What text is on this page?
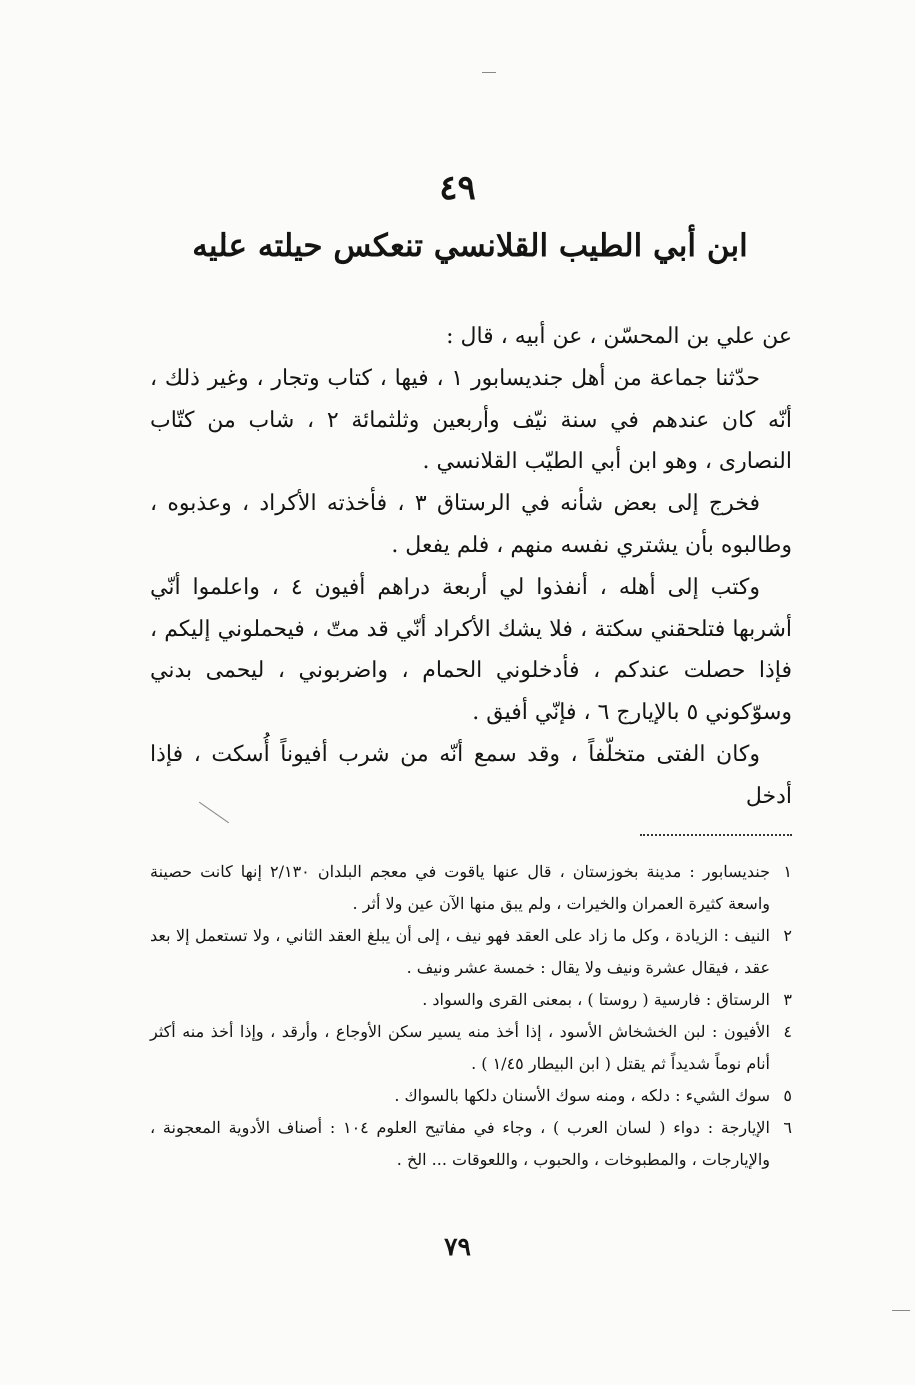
٤٩
ابن أبي الطيب القلانسي تنعكس حيلته عليه

عن علي بن المحسّن ، عن أبيه ، قال :

حدّثنا جماعة من أهل جنديسابور ١ ، فيها ، كتاب وتجار ، وغير ذلك ، أنّه كان عندهم في سنة نيّف وأربعين وثلثمائة ٢ ، شاب من كتّاب النصارى ، وهو ابن أبي الطيّب القلانسي .

فخرج إلى بعض شأنه في الرستاق ٣ ، فأخذته الأكراد ، وعذبوه ، وطالبوه بأن يشتري نفسه منهم ، فلم يفعل .

وكتب إلى أهله ، أنفذوا لي أربعة دراهم أفيون ٤ ، واعلموا أنّي أشربها فتلحقني سكتة ، فلا يشك الأكراد أنّي قد متّ ، فيحملوني إليكم ، فإذا حصلت عندكم ، فأدخلوني الحمام ، واضربوني ، ليحمى بدني وسوّكوني ٥ بالإيارج ٦ ، فإنّي أفيق .

وكان الفتى متخلّفاً ، وقد سمع أنّه من شرب أفيوناً أُسكت ، فإذا أدخل

١
جنديسابور : مدينة بخوزستان ، قال عنها ياقوت في معجم البلدان ٢/١٣٠ إنها كانت حصينة واسعة كثيرة العمران والخيرات ، ولم يبق منها الآن عين ولا أثر .
٢
النيف : الزيادة ، وكل ما زاد على العقد فهو نيف ، إلى أن يبلغ العقد الثاني ، ولا تستعمل إلا بعد عقد ، فيقال عشرة ونيف ولا يقال : خمسة عشر ونيف .
٣
الرستاق : فارسية ( روستا ) ، بمعنى القرى والسواد .
٤
الأفيون : لبن الخشخاش الأسود ، إذا أخذ منه يسير سكن الأوجاع ، وأرقد ، وإذا أخذ منه أكثر أنام نوماً شديداً ثم يقتل ( ابن البيطار ١/٤٥ ) .
٥
سوك الشيء : دلكه ، ومنه سوك الأسنان دلكها بالسواك .
٦
الإيارجة : دواء ( لسان العرب ) ، وجاء في مفاتيح العلوم ١٠٤ : أصناف الأدوية المعجونة ، والإيارجات ، والمطبوخات ، والحبوب ، واللعوقات ... الخ .
٧٩
